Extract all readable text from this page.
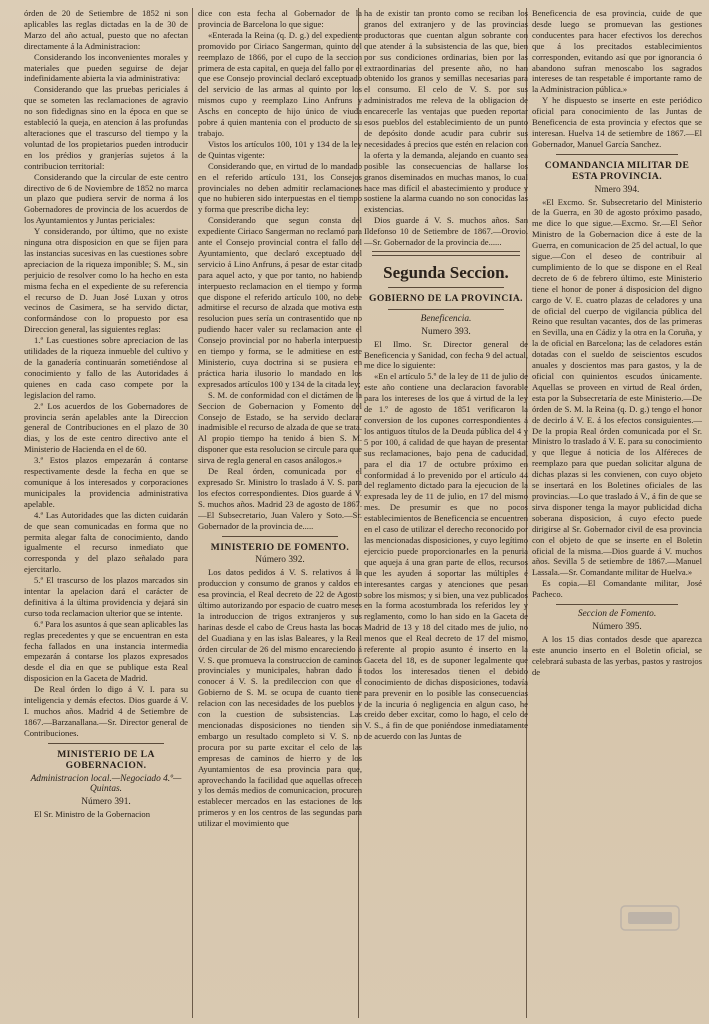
órden de 20 de Setiembre de 1852 ni son aplicables las reglas dictadas en la de 30 de Marzo del año actual, puesto que no afectan directamente á la Administracion:

Considerando los inconvenientes morales y materiales que pueden seguirse de dejar indefinidamente abierta la via administrativa:

Considerando que las pruebas periciales á que se someten las reclamaciones de agravio no son fidedignas sino en la época en que se estableció la queja, en atencion á las profundas alteraciones que el trascurso del tiempo y la voluntad de los propietarios pueden introducir en los prédios y granjerías sujetos á la contribucion territorial:

Considerando que la circular de este centro directivo de 6 de Noviembre de 1852 no marca un plazo que pudiera servir de norma á los Gobernadores de provincia de los acuerdos de los Ayuntamientos y Juntas periciales:

Y considerando, por último, que no existe ninguna otra disposicion en que se fijen para las instancias sucesivas en las cuestiones sobre apreciacion de la riqueza imponible; S. M., sin perjuicio de resolver como lo ha hecho en esta misma fecha en el expediente de su referencia el recurso de D. Juan José Luxan y otros vecinos de Casimera, se ha servido dictar, conformándose con lo propuesto por esa Direccion general, las siguientes reglas:

1.ª Las cuestiones sobre apreciacion de las utilidades de la riqueza inmueble del cultivo y de la ganadería continuarán sometiéndose al conocimiento y fallo de las Autoridades á quienes en cada caso compete por la legislacion del ramo.

2.ª Los acuerdos de los Gobernadores de provincia serán apelables ante la Direccion general de Contribuciones en el plazo de 30 dias, y los de este centro directivo ante el Ministerio de Hacienda en el de 60.

3.ª Estos plazos empezarán á contarse respectivamente desde la fecha en que se comunique á los interesados y corporaciones municipales la providencia administrativa apelable.

4.ª Las Autoridades que las dicten cuidarán de que sean comunicadas en forma que no permita alegar falta de conocimiento, dando igualmente el recurso inmediato que corresponda y del plazo señalado para ejercitarlo.

5.ª El trascurso de los plazos marcados sin intentar la apelacion dará el carácter de definitiva á la última providencia y dejará sin curso toda reclamacion ulterior que se intente.

6.ª Para los asuntos á que sean aplicables las reglas precedentes y que se encuentran en esta fecha fallados en una instancia intermedia empezarán á contarse los plazos expresados desde el dia en que se publique esta Real disposicion en la Gaceta de Madrid.

De Real órden lo digo á V. I. para su inteligencia y demás efectos. Dios guarde á V. I. muchos años. Madrid 4 de Setiembre de 1867.—Barzanallana.—Sr. Director general de Contribuciones.

MINISTERIO DE LA GOBERNACION.
Administracion local.—Negociado 4.º—Quintas.
Número 391.

El Sr. Ministro de la Gobernacion

dice con esta fecha al Gobernador de la provincia de Barcelona lo que sigue:

«Enterada la Reina (q. D. g.) del expediente promovido por Ciriaco Sangerman, quinto del reemplazo de 1866, por el cupo de la seccion primera de esta capital, en queja del fallo por el que ese Consejo provincial declaró exceptuado del servicio de las armas al quinto por los mismos cupo y reemplazo Lino Anfruns y Aschs en concepto de hijo único de viuda pobre á quien mantenia con el producto de su trabajo.

Vistos los artículos 100, 101 y 134 de la ley de Quintas vigente:

Considerando que, en virtud de lo mandado en el referido artículo 131, los Consejos provinciales no deben admitir reclamaciones que no hubieren sido interpuestas en el tiempo y forma que prescribe dicha ley:

Considerando que segun consta del expediente Ciriaco Sangerman no reclamó para ante el Consejo provincial contra el fallo del Ayuntamiento, que declaró exceptuado del servicio á Lino Anfruns, á pesar de estar citado para aquel acto, y que por tanto, no habiendo interpuesto reclamacion en el tiempo y forma que dispone el referido artículo 100, no debe admitirse el recurso de alzada que motiva esta resolucion pues sería un contrasentido que no pudiendo hacer valer su reclamacion ante el Consejo provincial por no haberla interpuesto en tiempo y forma, se le admitiese en este Ministerio, cuya doctrina si se pusiera en práctica haria ilusorio lo mandado en los expresados artículos 100 y 134 de la citada ley;

S. M. de conformidad con el dictámen de la Seccion de Gobernacion y Fomento del Consejo de Estado, se ha servido declarar inadmisible el recurso de alzada de que se trata. Al propio tiempo ha tenido á bien S. M. disponer que esta resolucion se circule para que sirva de regla general en casos análogos.»

De Real órden, comunicada por el expresado Sr. Ministro lo traslado á V. S. para los efectos correspondientes. Dios guarde á V. S. muchos años. Madrid 23 de agosto de 1867.—El Subsecretario, Juan Valero y Soto.—Sr. Gobernador de la provincia de.....

MINISTERIO DE FOMENTO.
Número 392.

Los datos pedidos á V. S. relativos á la produccion y consumo de granos y caldos en esa provincia, el Real decreto de 22 de Agosto último autorizando por espacio de cuatro meses la introduccion de trigos extranjeros y sus harinas desde el cabo de Creus hasta las bocas del Guadiana y en las islas Baleares, y la Real órden circular de 26 del mismo encareciendo á V. S. que promueva la construccion de caminos provinciales y municipales, habran dado á conocer á V. S. la predileccion con que el Gobierno de S. M. se ocupa de cuanto tiene relacion con las necesidades de los pueblos y con la cuestion de subsistencias. Las mencionadas disposiciones no tienden sin embargo un resultado completo si V. S. no procura por su parte excitar el celo de las empresas de caminos de hierro y de los Ayuntamientos de esa provincia para que, aprovechando la facilidad que aquellas ofrecen y los demás medios de comunicacion, procuren establecer mercados en las estaciones de los primeros y en los centros de las segundas para utilizar el movimiento que

ha de existir tan pronto como se reciban los granos del extranjero y de las provincias productoras que cuentan algun sobrante con que atender á la subsistencia de las que, bien por sus condiciones ordinarias, bien por las extraordinarias del presente año, no han obtenido los granos y semillas necesarias para el consumo. El celo de V. S. por sus administrados me releva de la obligacion de encarecerle las ventajas que pueden reportar esos pueblos del establecimiento de un punto de depósito donde acudir para cubrir sus necesidades á precios que estén en relacion con la oferta y la demanda, alejando en cuanto sea posible las consecuencias de hallarse los granos diseminados en muchas manos, lo cual hace mas difícil el abastecimiento y produce y sostiene la alarma cuando no son conocidas las existencias.

Dios guarde á V. S. muchos años. San Ildefonso 10 de Setiembre de 1867.—Orovio.—Sr. Gobernador de la provincia de......

Segunda Seccion.
GOBIERNO DE LA PROVINCIA.
Beneficencia.
Numero 393.

El Ilmo. Sr. Director general de Beneficencia y Sanidad, con fecha 9 del actual, me dice lo siguiente:

«En el artículo 5.º de la ley de 11 de julio de este año contiene una declaracion favorable para los intereses de los que á virtud de la ley de 1.º de agosto de 1851 verificaron la conversion de los cupones correspondientes á los antiguos títulos de la Deuda pública del 4 y 5 por 100, á calidad de que hayan de presentar sus reclamaciones, bajo pena de caducidad, para el dia 17 de octubre próximo en conformidad á lo prevenido por el artículo 44 del reglamento dictado para la ejecucion de la expresada ley de 11 de julio, en 17 del mismo mes. De presumir es que no pocos establecimientos de Beneficencia se encuentren en el caso de utilizar el derecho reconocido por las mencionadas disposiciones, y cuyo legítimo ejercicio puede proporcionarles en la penuria que aqueja á una gran parte de ellos, recursos que les ayuden á soportar las múltiples é interesantes cargas y atenciones que pesan sobre los mismos; y si bien, una vez publicados en la forma acostumbrada los referidos ley y reglamento, como lo han sido en la Gaceta de Madrid de 13 y 18 del citado mes de julio, no menos que el Real decreto de 17 del mismo, referente al propio asunto é inserto en la Gaceta del 18, es de suponer legalmente que todos los interesados tienen el debido conocimiento de dichas disposiciones, todavía para prevenir en lo posible las consecuencias de la incuria ó negligencia en algun caso, he creido deber excitar, como lo hago, el celo de V. S., á fin de que poniéndose inmediatamente de acuerdo con las Juntas de

Beneficencia de esa provincia, cuide de que desde luego se promuevan las gestiones conducentes para hacer efectivos los derechos que á los precitados establecimientos corresponden, evitando así que por ignorancia ó abandono sufran menoscabo los sagrados intereses de tan respetable é importante ramo de la Administracion pública.»

Y he dispuesto se inserte en este periódico oficial para conocimiento de las Juntas de Beneficencia de esta provincia y efectos que se interesan. Huelva 14 de setiembre de 1867.—El Gobernador, Manuel García Sanchez.

COMANDANCIA MILITAR DE ESTA PROVINCIA.
Nmero 394.

«El Excmo. Sr. Subsecretario del Ministerio de la Guerra, en 30 de agosto próximo pasado, me dice lo que sigue.—Excmo. Sr.—El Señor Ministro de la Gobernacion dice á este de la Guerra, en comunicacion de 25 del actual, lo que sigue.—Con el deseo de contribuir al cumplimiento de lo que se dispone en el Real decreto de 6 de febrero último, este Ministerio tiene el honor de poner á disposicion del digno cargo de V. E. cuatro plazas de celadores y una de oficial del cuerpo de vigilancia pública del Reino que resultan vacantes, dos de las primeras en Sevilla, una en Cádiz y la otra en la Coruña, y la de oficial en Barcelona; las de celadores están dotadas con el sueldo de seiscientos escudos anuales y doscientos mas para gastos, y la de oficial con quinientos escudos únicamente. Aquellas se proveen en virtud de Real órden, esta por la Subsecretaría de este Ministerio.—De órden de S. M. la Reina (q. D. g.) tengo el honor de decirlo á V. E. á los efectos consiguientes.—De la propia Real órden comunicada por el Sr. Ministro lo traslado á V. E. para su conocimiento y que llegue á noticia de los Alféreces de reemplazo para que puedan solicitar alguna de dichas plazas si les convienen, con cuyo objeto se insertará en los Boletines oficiales de las provincias.—Lo que traslado á V., á fin de que se sirva disponer tenga la mayor publicidad dicha soberana disposicion, á cuyo efecto puede dirigirse al Sr. Gobernador civil de esa provincia con el objeto de que se inserte en el Boletin oficial de la misma.—Dios guarde á V. muchos años. Sevilla 5 de setiembre de 1867.—Manuel Lassala.—Sr. Comandante militar de Huelva.»

Es copia.—El Comandante militar, José Pacheco.

Seccion de Fomento.
Número 395.

A los 15 dias contados desde que aparezca este anuncio inserto en el Boletin oficial, se celebrará subasta de las yerbas, pastos y rastrojos de
